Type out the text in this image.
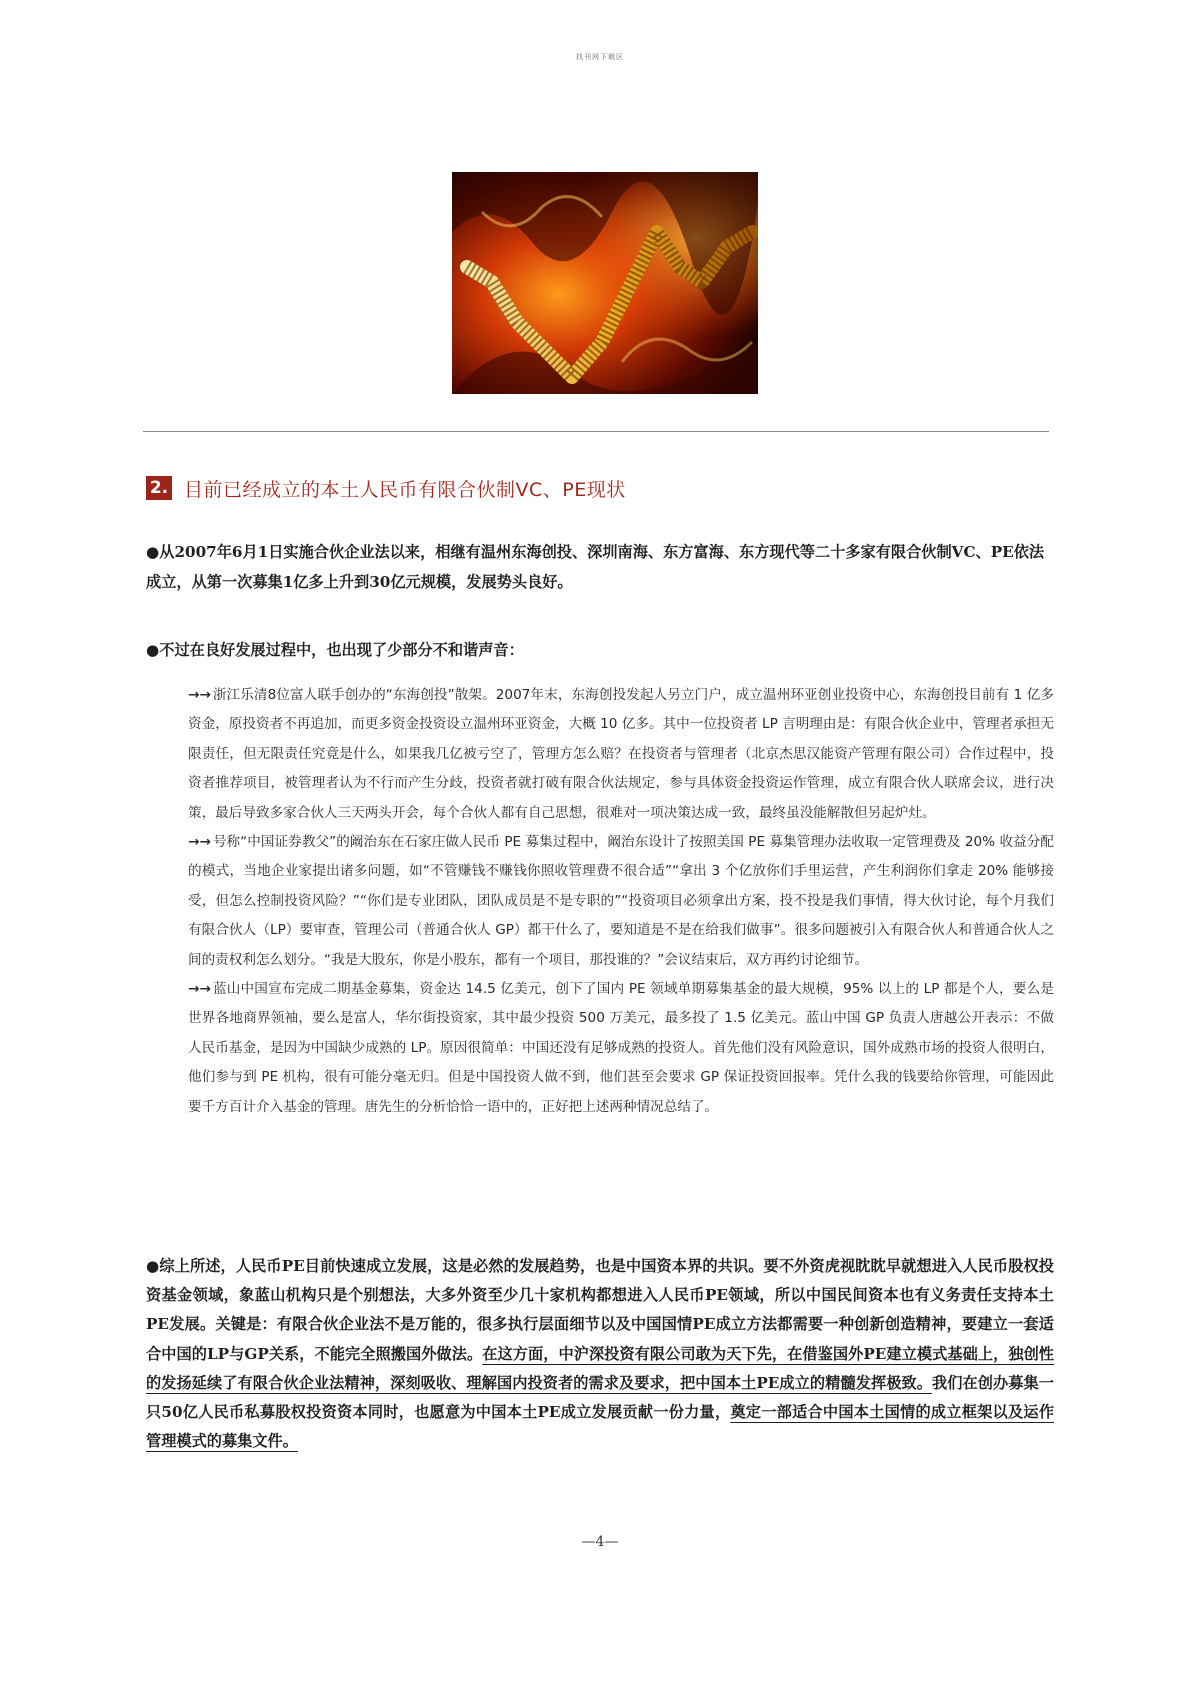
找刊网下载区
2. 目前已经成立的本土人民币有限合伙制VC、PE现状
●从2007年6月1日实施合伙企业法以来，相继有温州东海创投、深圳南海、东方富海、东方现代等二十多家有限合伙制VC、PE依法成立，从第一次募集1亿多上升到30亿元规模，发展势头良好。
●不过在良好发展过程中，也出现了少部分不和谐声音：
→→ 浙江乐清8位富人联手创办的“东海创投”散架。2007年末，东海创投发起人另立门户，成立温州环亚创业投资中心，东海创投目前有 1 亿多资金，原投资者不再追加，而更多资金投资设立温州环亚资金，大概 10 亿多。其中一位投资者 LP 言明理由是：有限合伙企业中，管理者承担无限责任，但无限责任究竟是什么，如果我几亿被亏空了，管理方怎么赔？在投资者与管理者（北京杰思汉能资产管理有限公司）合作过程中，投资者推荐项目，被管理者认为不行而产生分歧，投资者就打破有限合伙法规定，参与具体资金投资运作管理，成立有限合伙人联席会议，进行决策，最后导致多家合伙人三天两头开会，每个合伙人都有自己思想，很难对一项决策达成一致，最终虽没能解散但另起炉灶。
→→ 号称“中国证券教父”的阚治东在石家庄做人民币 PE 募集过程中，阚治东设计了按照美国 PE 募集管理办法收取一定管理费及 20% 收益分配的模式，当地企业家提出诸多问题，如“不管赚钱不赚钱你照收管理费不很合适”“拿出 3 个亿放你们手里运营，产生利润你们拿走 20% 能够接受，但怎么控制投资风险？”“你们是专业团队，团队成员是不是专职的”“投资项目必须拿出方案，投不投是我们事情，得大伙讨论，每个月我们有限合伙人（LP）要审查，管理公司（普通合伙人 GP）都干什么了，要知道是不是在给我们做事”。很多问题被引入有限合伙人和普通合伙人之间的责权利怎么划分。“我是大股东，你是小股东，都有一个项目，那投谁的？”会议结束后，双方再约讨论细节。
→→ 蓝山中国宣布完成二期基金募集，资金达 14.5 亿美元，创下了国内 PE 领域单期募集基金的最大规模，95% 以上的 LP 都是个人，要么是世界各地商界领袖，要么是富人，华尔街投资家，其中最少投资 500 万美元，最多投了 1.5 亿美元。蓝山中国 GP 负责人唐越公开表示：不做人民币基金，是因为中国缺少成熟的 LP。原因很简单：中国还没有足够成熟的投资人。首先他们没有风险意识，国外成熟市场的投资人很明白，他们参与到 PE 机构，很有可能分毫无归。但是中国投资人做不到，他们甚至会要求 GP 保证投资回报率。凭什么我的钱要给你管理，可能因此要千方百计介入基金的管理。唐先生的分析恰恰一语中的，正好把上述两种情况总结了。
●综上所述，人民币PE目前快速成立发展，这是必然的发展趋势，也是中国资本界的共识。要不外资虎视眈眈早就想进入人民币股权投资基金领域，象蓝山机构只是个别想法，大多外资至少几十家机构都想进入人民币PE领域，所以中国民间资本也有义务责任支持本土PE发展。关键是：有限合伙企业法不是万能的，很多执行层面细节以及中国国情PE成立方法都需要一种创新创造精神，要建立一套适合中国的LP与GP关系，不能完全照搬国外做法。在这方面，中沪深投资有限公司敢为天下先，在借鉴国外PE建立模式基础上，独创性的发扬延续了有限合伙企业法精神，深刻吸收、理解国内投资者的需求及要求，把中国本土PE成立的精髓发挥极致。我们在创办募集一只50亿人民币私募股权投资资本同时，也愿意为中国本土PE成立发展贡献一份力量，奠定一部适合中国本土国情的成立框架以及运作管理模式的募集文件。
—4—
